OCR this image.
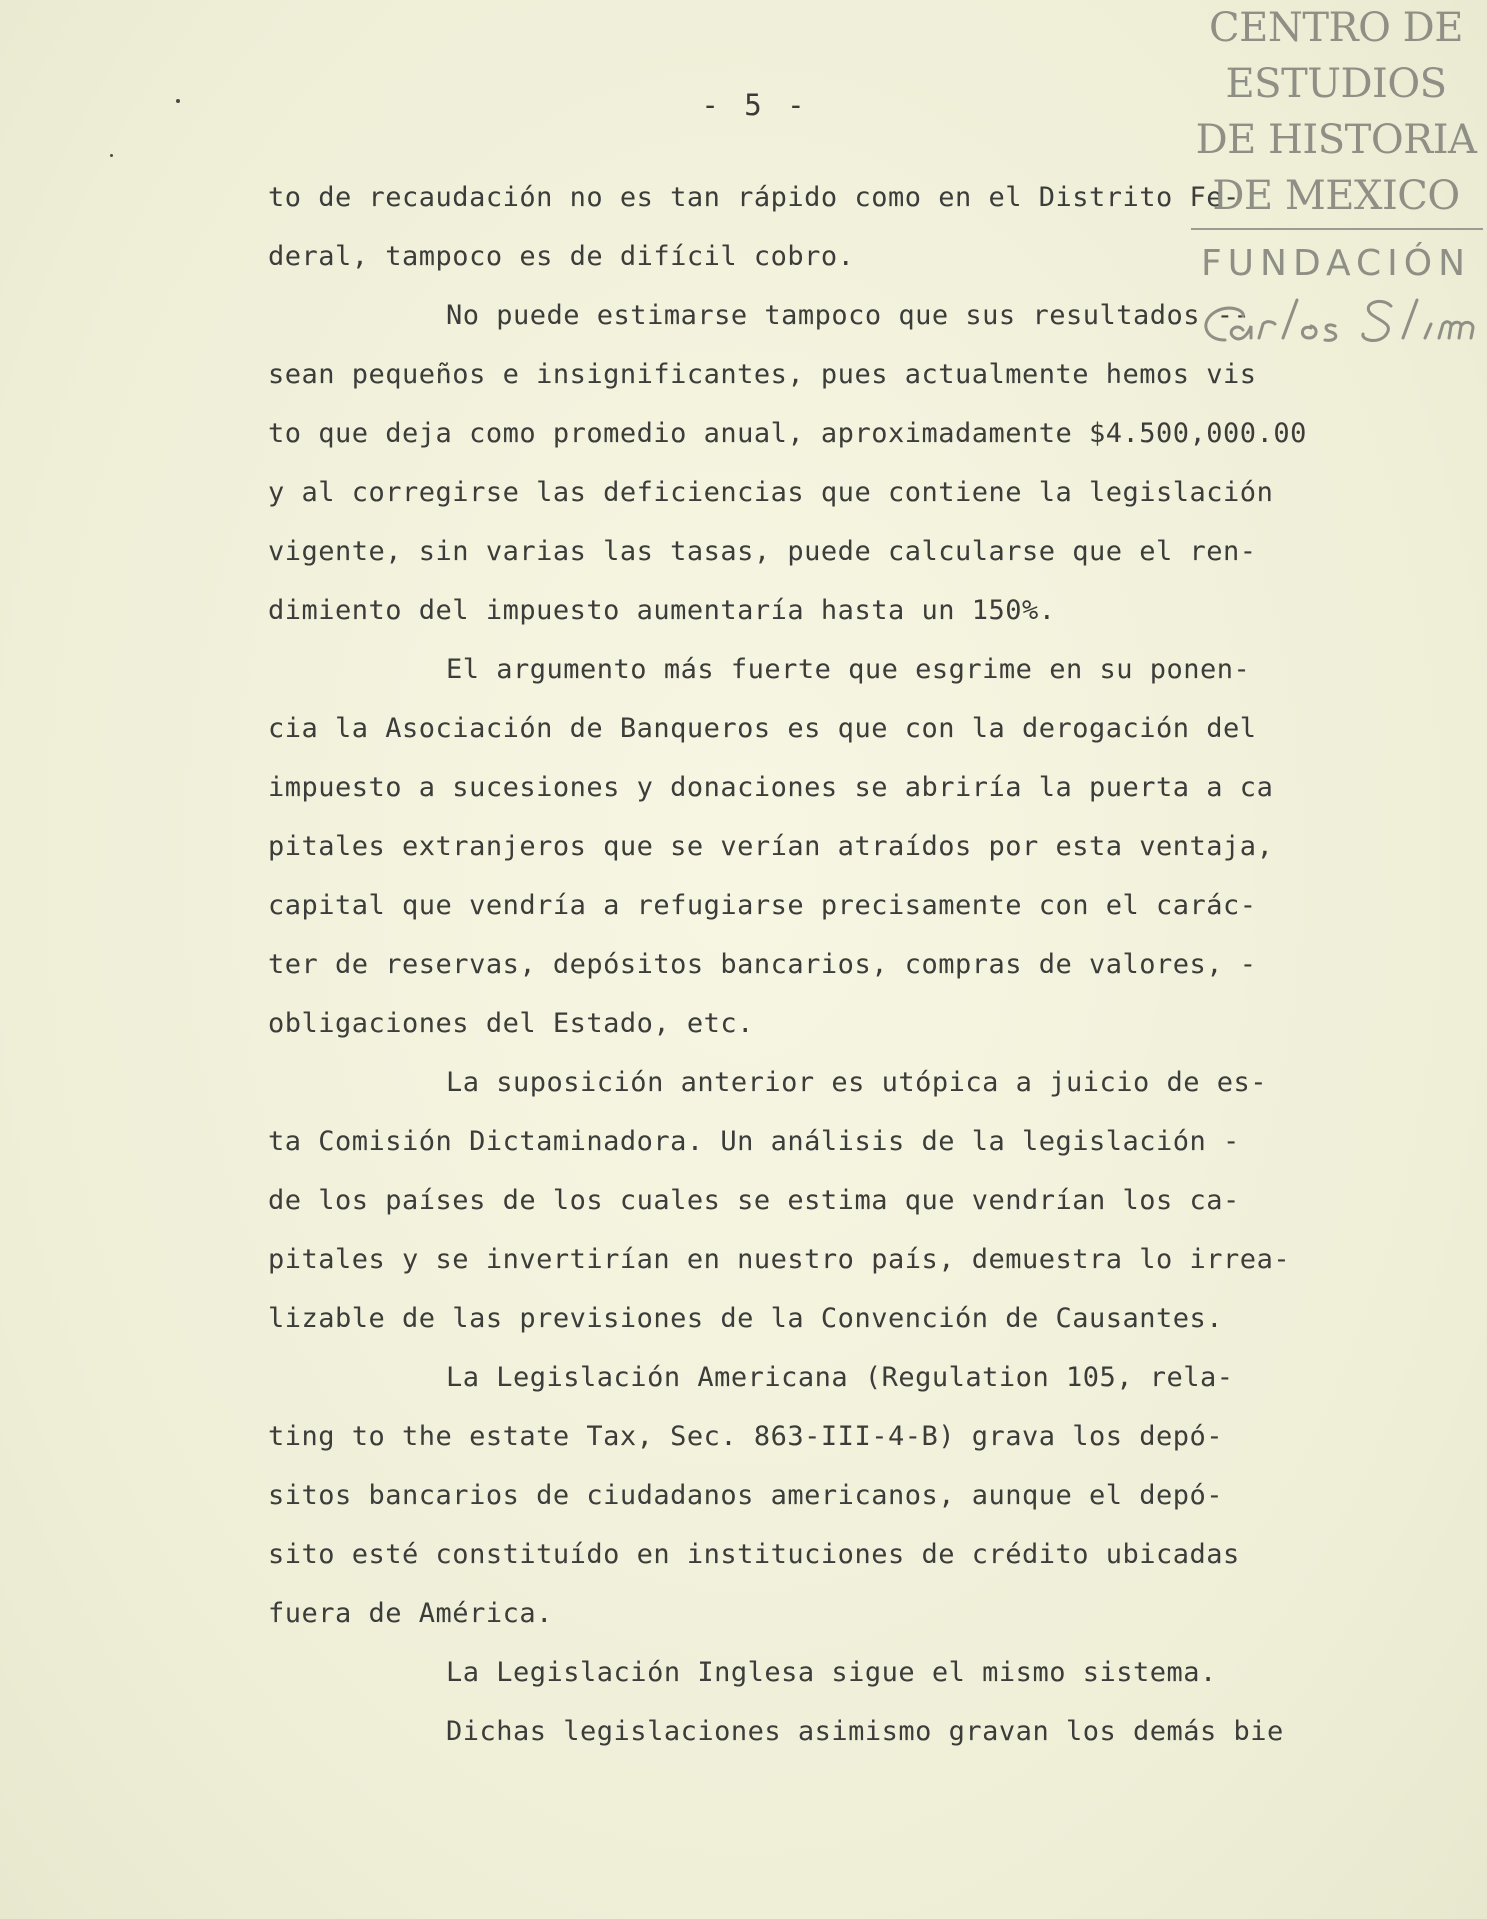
- 5 -
to de recaudación no es tan rápido como en el Distrito Fe-
deral, tampoco es de difícil cobro.
No puede estimarse tampoco que sus resultados --
sean pequeños e insignificantes, pues actualmente hemos vis
to que deja como promedio anual, aproximadamente $4.500,000.00
y al corregirse las deficiencias que contiene la legislación
vigente, sin varias las tasas, puede calcularse que el ren-
dimiento del impuesto aumentaría hasta un 150%.
El argumento más fuerte que esgrime en su ponen-
cia la Asociación de Banqueros es que con la derogación del
impuesto a sucesiones y donaciones se abriría la puerta a ca
pitales extranjeros que se verían atraídos por esta ventaja,
capital que vendría a refugiarse precisamente con el carác-
ter de reservas, depósitos bancarios, compras de valores, -
obligaciones del Estado, etc.
La suposición anterior es utópica a juicio de es-
ta Comisión Dictaminadora. Un análisis de la legislación -
de los países de los cuales se estima que vendrían los ca-
pitales y se invertirían en nuestro país, demuestra lo irrea-
lizable de las previsiones de la Convención de Causantes.
La Legislación Americana (Regulation 105, rela-
ting to the estate Tax, Sec. 863-III-4-B) grava los depó-
sitos bancarios de ciudadanos americanos, aunque el depó-
sito esté constituído en instituciones de crédito ubicadas
fuera de América.
La Legislación Inglesa sigue el mismo sistema.
Dichas legislaciones asimismo gravan los demás bie
CENTRO DE
ESTUDIOS
DE HISTORIA
DE MEXICO
FUNDACIÓN
